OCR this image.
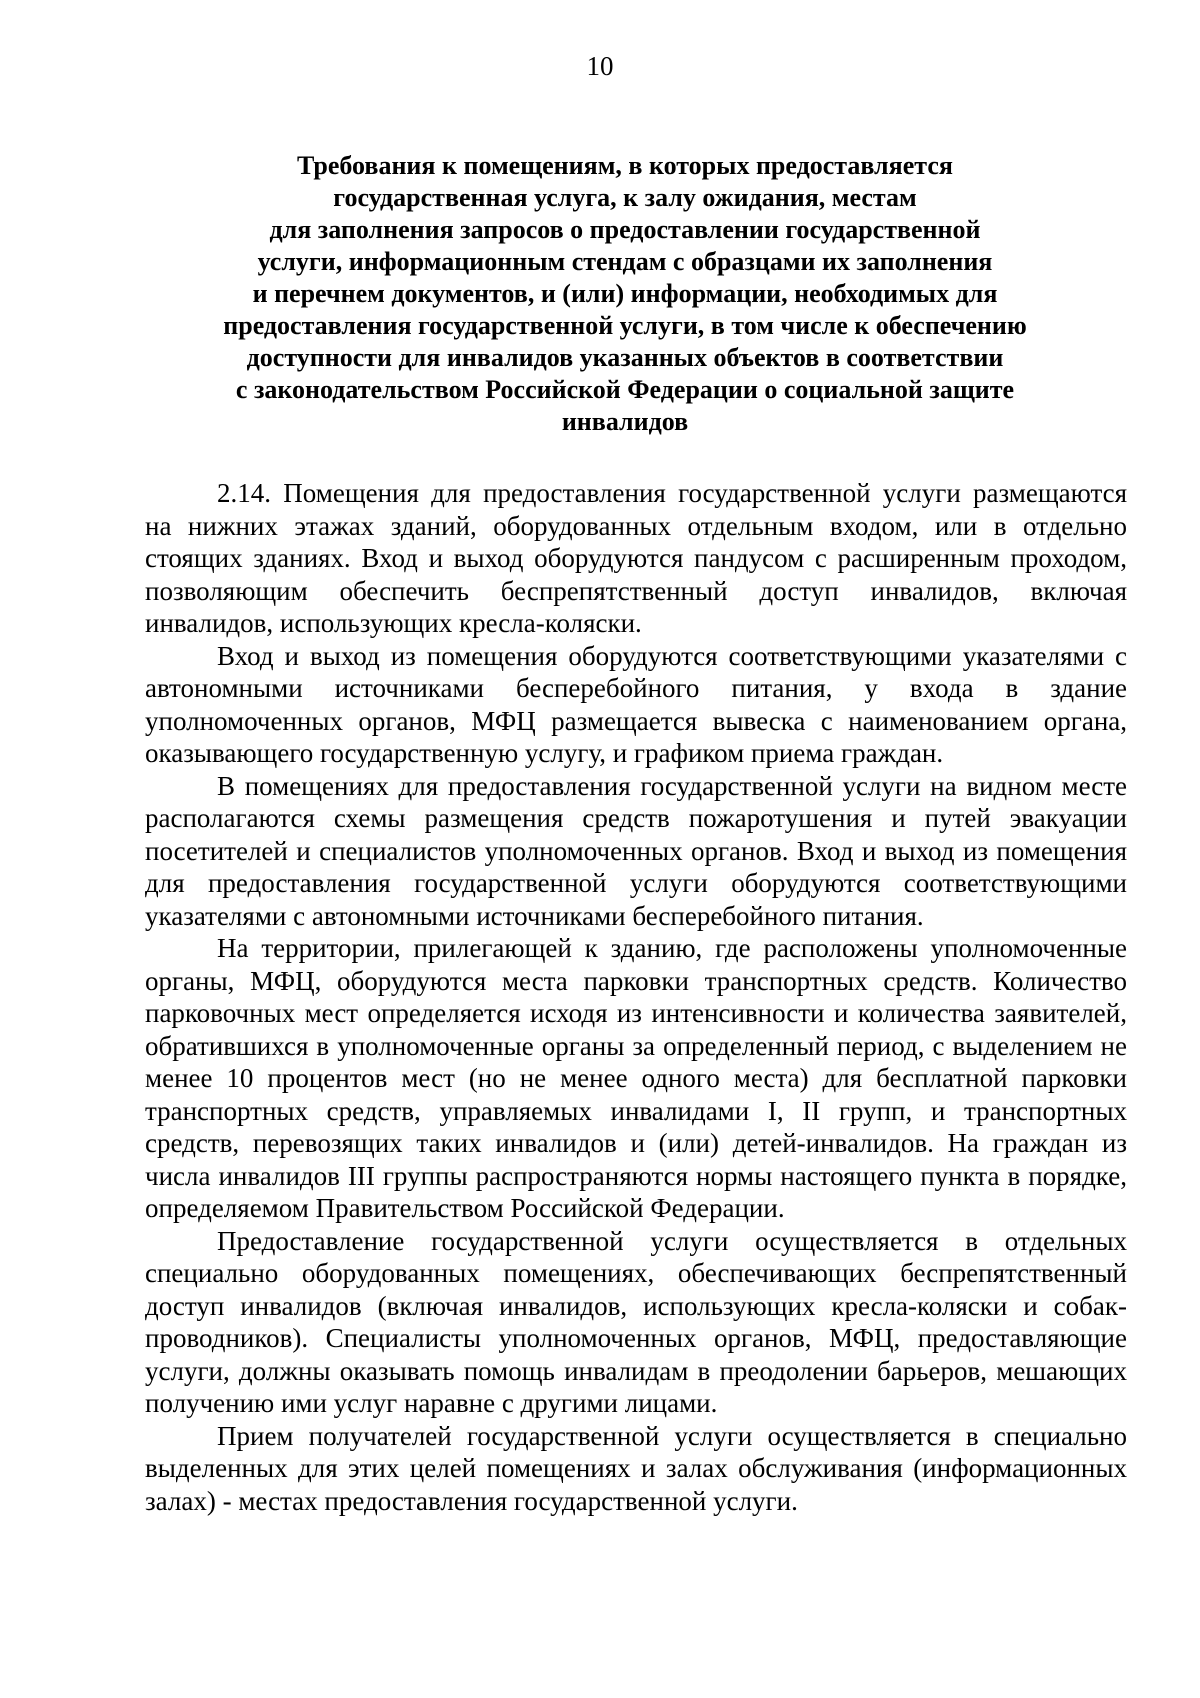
10
Требования к помещениям, в которых предоставляется
государственная услуга, к залу ожидания, местам
для заполнения запросов о предоставлении государственной
услуги, информационным стендам с образцами их заполнения
и перечнем документов, и (или) информации, необходимых для
предоставления государственной услуги, в том числе к обеспечению
доступности для инвалидов указанных объектов в соответствии
с законодательством Российской Федерации о социальной защите
инвалидов

2.14. Помещения для предоставления государственной услуги размещаются на нижних этажах зданий, оборудованных отдельным входом, или в отдельно стоящих зданиях. Вход и выход оборудуются пандусом с расширенным проходом, позволяющим обеспечить беспрепятственный доступ инвалидов, включая инвалидов, использующих кресла-коляски.

Вход и выход из помещения оборудуются соответствующими указателями с автономными источниками бесперебойного питания, у входа в здание уполномоченных органов, МФЦ размещается вывеска с наименованием органа, оказывающего государственную услугу, и графиком приема граждан.

В помещениях для предоставления государственной услуги на видном месте располагаются схемы размещения средств пожаротушения и путей эвакуации посетителей и специалистов уполномоченных органов. Вход и выход из помещения для предоставления государственной услуги оборудуются соответствующими указателями с автономными источниками бесперебойного питания.

На территории, прилегающей к зданию, где расположены уполномоченные органы, МФЦ, оборудуются места парковки транспортных средств. Количество парковочных мест определяется исходя из интенсивности и количества заявителей, обратившихся в уполномоченные органы за определенный период, с выделением не менее 10 процентов мест (но не менее одного места) для бесплатной парковки транспортных средств, управляемых инвалидами I, II групп, и транспортных средств, перевозящих таких инвалидов и (или) детей-инвалидов. На граждан из числа инвалидов III группы распространяются нормы настоящего пункта в порядке, определяемом Правительством Российской Федерации.

Предоставление государственной услуги осуществляется в отдельных специально оборудованных помещениях, обеспечивающих беспрепятственный доступ инвалидов (включая инвалидов, использующих кресла-коляски и собак-проводников). Специалисты уполномоченных органов, МФЦ, предоставляющие услуги, должны оказывать помощь инвалидам в преодолении барьеров, мешающих получению ими услуг наравне с другими лицами.

Прием получателей государственной услуги осуществляется в специально выделенных для этих целей помещениях и залах обслуживания (информационных залах) - местах предоставления государственной услуги.
